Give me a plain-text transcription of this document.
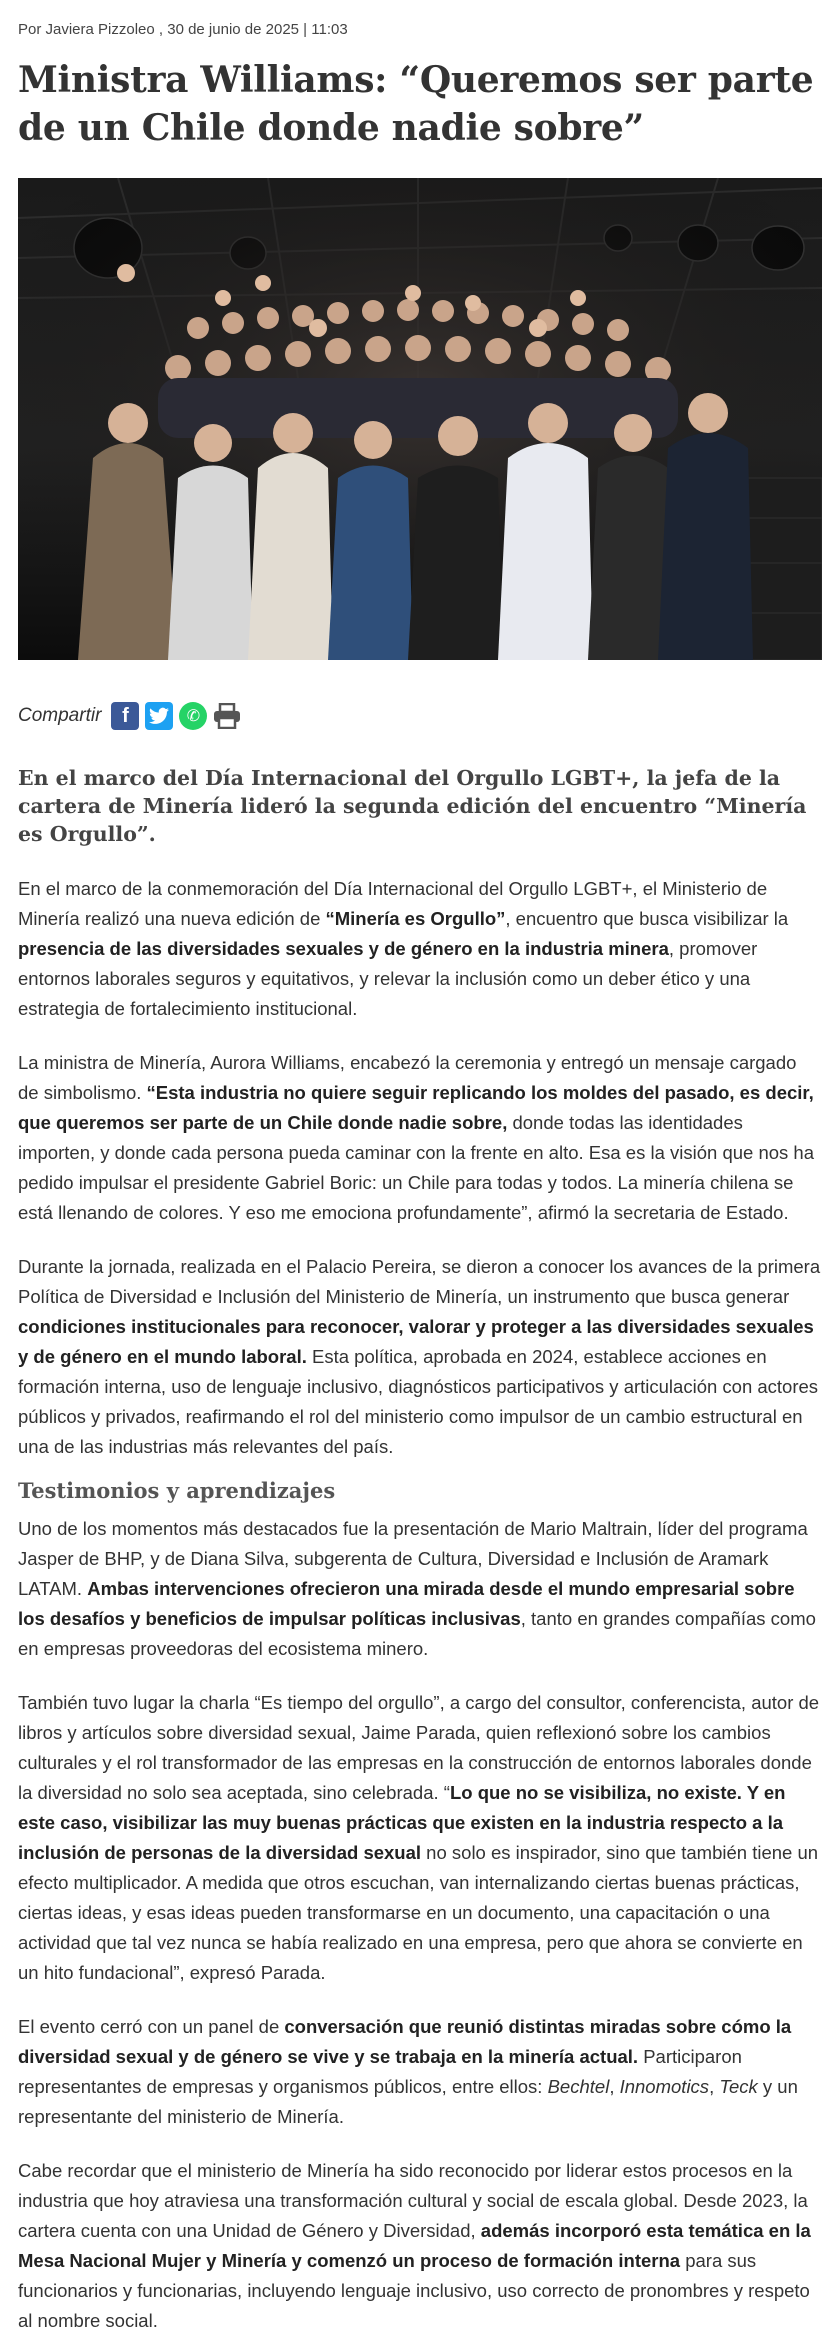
Por Javiera Pizzoleo , 30 de junio de 2025 | 11:03
Ministra Williams: “Queremos ser parte de un Chile donde nadie sobre”
Compartir f	✆
En el marco del Día Internacional del Orgullo LGBT+, la jefa de la cartera de Minería lideró la segunda edición del encuentro “Minería es Orgullo”.

En el marco de la conmemoración del Día Internacional del Orgullo LGBT+, el Ministerio de Minería realizó una nueva edición de “Minería es Orgullo”, encuentro que busca visibilizar la presencia de las diversidades sexuales y de género en la industria minera, promover entornos laborales seguros y equitativos, y relevar la inclusión como un deber ético y una estrategia de fortalecimiento institucional.

La ministra de Minería, Aurora Williams, encabezó la ceremonia y entregó un mensaje cargado de simbolismo. “Esta industria no quiere seguir replicando los moldes del pasado, es decir, que queremos ser parte de un Chile donde nadie sobre, donde todas las identidades importen, y donde cada persona pueda caminar con la frente en alto. Esa es la visión que nos ha pedido impulsar el presidente Gabriel Boric: un Chile para todas y todos. La minería chilena se está llenando de colores. Y eso me emociona profundamente”, afirmó la secretaria de Estado.

Durante la jornada, realizada en el Palacio Pereira, se dieron a conocer los avances de la primera Política de Diversidad e Inclusión del Ministerio de Minería, un instrumento que busca generar condiciones institucionales para reconocer, valorar y proteger a las diversidades sexuales y de género en el mundo laboral. Esta política, aprobada en 2024, establece acciones en formación interna, uso de lenguaje inclusivo, diagnósticos participativos y articulación con actores públicos y privados, reafirmando el rol del ministerio como impulsor de un cambio estructural en una de las industrias más relevantes del país.

Testimonios y aprendizajes

Uno de los momentos más destacados fue la presentación de Mario Maltrain, líder del programa Jasper de BHP, y de Diana Silva, subgerenta de Cultura, Diversidad e Inclusión de Aramark LATAM. Ambas intervenciones ofrecieron una mirada desde el mundo empresarial sobre los desafíos y beneficios de impulsar políticas inclusivas, tanto en grandes compañías como en empresas proveedoras del ecosistema minero.

También tuvo lugar la charla “Es tiempo del orgullo”, a cargo del consultor, conferencista, autor de libros y artículos sobre diversidad sexual, Jaime Parada, quien reflexionó sobre los cambios culturales y el rol transformador de las empresas en la construcción de entornos laborales donde la diversidad no solo sea aceptada, sino celebrada. “Lo que no se visibiliza, no existe. Y en este caso, visibilizar las muy buenas prácticas que existen en la industria respecto a la inclusión de personas de la diversidad sexual no solo es inspirador, sino que también tiene un efecto multiplicador. A medida que otros escuchan, van internalizando ciertas buenas prácticas, ciertas ideas, y esas ideas pueden transformarse en un documento, una capacitación o una actividad que tal vez nunca se había realizado en una empresa, pero que ahora se convierte en un hito fundacional”, expresó Parada.

El evento cerró con un panel de conversación que reunió distintas miradas sobre cómo la diversidad sexual y de género se vive y se trabaja en la minería actual. Participaron representantes de empresas y organismos públicos, entre ellos: Bechtel, Innomotics, Teck y un representante del ministerio de Minería.

Cabe recordar que el ministerio de Minería ha sido reconocido por liderar estos procesos en la industria que hoy atraviesa una transformación cultural y social de escala global. Desde 2023, la cartera cuenta con una Unidad de Género y Diversidad, además incorporó esta temática en la Mesa Nacional Mujer y Minería y comenzó un proceso de formación interna para sus funcionarios y funcionarias, incluyendo lenguaje inclusivo, uso correcto de pronombres y respeto al nombre social.
